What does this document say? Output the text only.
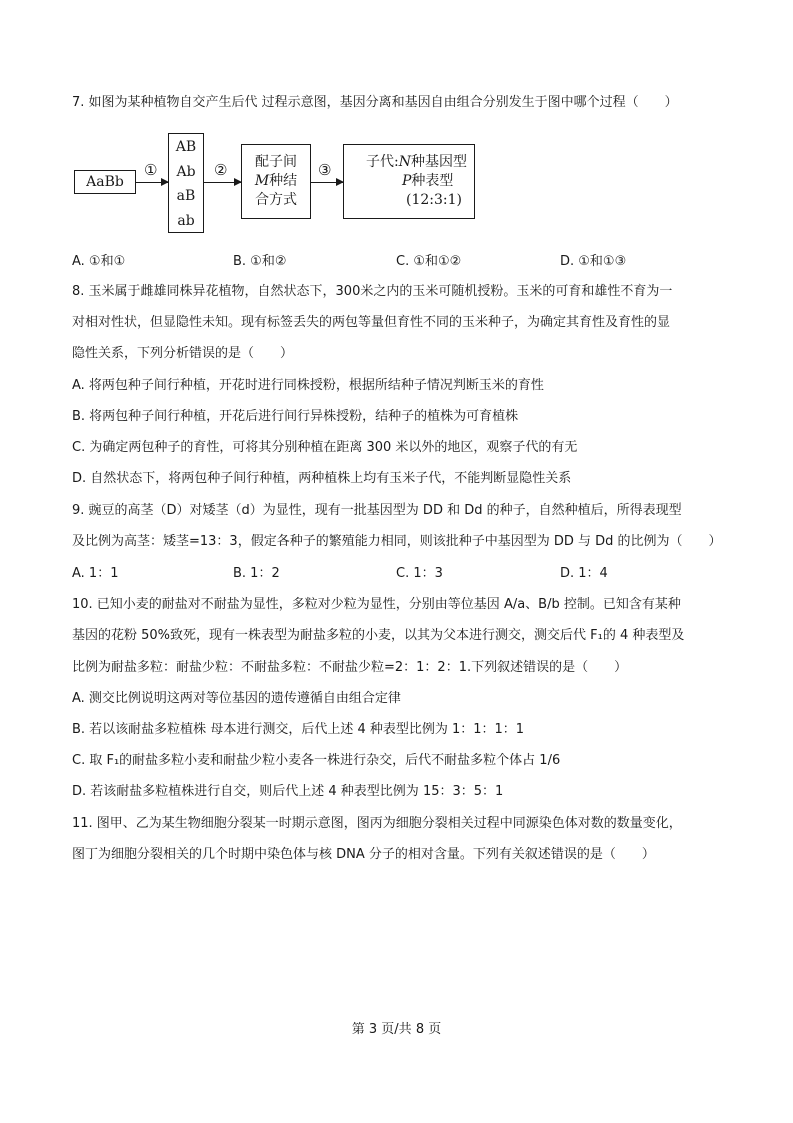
7. 如图为某种植物自交产生后代 过程示意图，基因分离和基因自由组合分别发生于图中哪个过程（　　）
AaBb
①
AB
Ab
aB
ab
② 配子间
M种结
合方式
③	子代:N种基因型
P种表型
(12:3:1)
A. ①和①	B. ①和②	C. ①和①②	D. ①和①③
8. 玉米属于雌雄同株异花植物，自然状态下，300米之内的玉米可随机授粉。玉米的可育和雄性不育为一
对相对性状，但显隐性未知。现有标签丢失的两包等量但育性不同的玉米种子，为确定其育性及育性的显
隐性关系，下列分析错误的是（　　）
A. 将两包种子间行种植，开花时进行同株授粉，根据所结种子情况判断玉米的育性
B. 将两包种子间行种植，开花后进行间行异株授粉，结种子的植株为可育植株
C. 为确定两包种子的育性，可将其分别种植在距离 300 米以外的地区，观察子代的有无
D. 自然状态下，将两包种子间行种植，两种植株上均有玉米子代，不能判断显隐性关系
9. 豌豆的高茎（D）对矮茎（d）为显性，现有一批基因型为 DD 和 Dd 的种子，自然种植后，所得表现型
及比例为高茎：矮茎=13：3，假定各种子的繁殖能力相同，则该批种子中基因型为 DD 与 Dd 的比例为（　　）
A. 1：1	B. 1：2	C. 1：3	D. 1：4
10. 已知小麦的耐盐对不耐盐为显性，多粒对少粒为显性，分别由等位基因 A/a、B/b 控制。已知含有某种
基因的花粉 50%致死，现有一株表型为耐盐多粒的小麦，以其为父本进行测交，测交后代 F₁的 4 种表型及
比例为耐盐多粒：耐盐少粒：不耐盐多粒：不耐盐少粒=2：1：2：1.下列叙述错误的是（　　）
A. 测交比例说明这两对等位基因的遗传遵循自由组合定律
B. 若以该耐盐多粒植株 母本进行测交，后代上述 4 种表型比例为 1：1：1：1
C. 取 F₁的耐盐多粒小麦和耐盐少粒小麦各一株进行杂交，后代不耐盐多粒个体占 1/6
D. 若该耐盐多粒植株进行自交，则后代上述 4 种表型比例为 15：3：5：1
11. 图甲、乙为某生物细胞分裂某一时期示意图，图丙为细胞分裂相关过程中同源染色体对数的数量变化，
图丁为细胞分裂相关的几个时期中染色体与核 DNA 分子的相对含量。下列有关叙述错误的是（　　）
第 3 页/共 8 页
